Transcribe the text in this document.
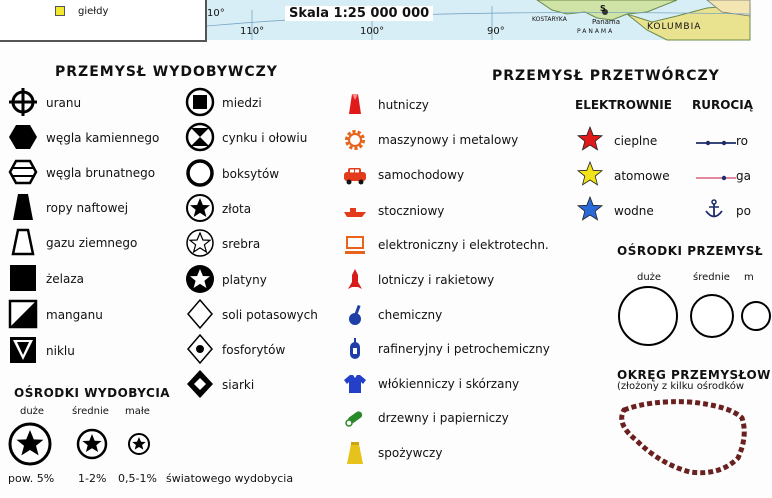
giełdy	10°
110°	100°	90°
Skala 1:25 000 000	KOSTARYKA
PANAMA
Panama	KOLUMBIA
S
PRZEMYSŁ WYDOBYWCZY
uranu
węgla kamiennego
węgla brunatnego
ropy naftowej
gazu ziemnego
żelaza
manganu
niklu
miedzi
cynku i ołowiu
boksytów
złota
srebra
platyny
soli potasowych
fosforytów
siarki
OŚRODKI WYDOBYCIA
duże	średnie małe
pow. 5% 1-2% 0,5-1% światowego wydobycia
PRZEMYSŁ PRZETWÓRCZY
hutniczy
maszynowy i metalowy
samochodowy
stoczniowy
elektroniczny i elektrotechn.
lotniczy i rakietowy
chemiczny
rafineryjny i petrochemiczny
włókienniczy i skórzany
drzewny i papierniczy
spożywczy
ELEKTROWNIE
cieplne
atomowe
wodne
RUROCIĄ
ro
ga
po
OŚRODKI PRZEMYSŁ
duże	średnie m
OKRĘG PRZEMYSŁOW
(złożony z kilku ośrodków
